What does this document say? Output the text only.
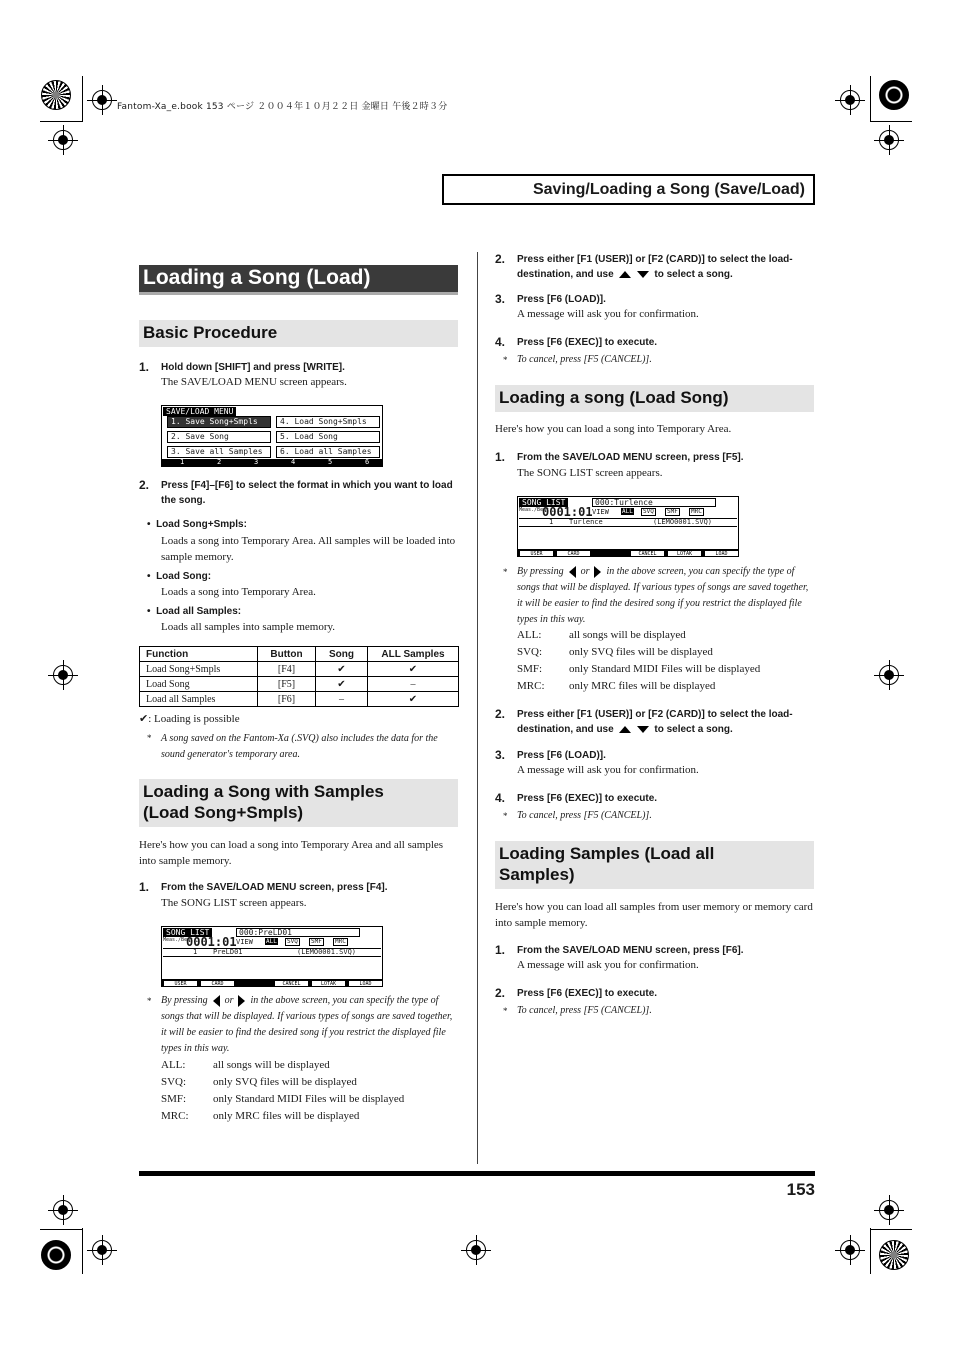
Fantom-Xa_e.book 153 ページ ２００４年１０月２２日 金曜日 午後２時３分
Saving/Loading a Song (Save/Load)
Loading a Song (Load)
Basic Procedure
1. Hold down [SHIFT] and press [WRITE].
The SAVE/LOAD MENU screen appears.
SAVE/LOAD MENU
1. Save Song+Smpls	4. Load Song+Smpls
2. Save Song	5. Load Song
3. Save all Samples	6. Load all Samples
1	2	3	4	5	6
2. Press [F4]–[F6] to select the format in which you want to load the song.
•  Load Song+Smpls:
Loads a song into Temporary Area. All samples will be loaded into sample memory.
•  Load Song:
Loads a song into Temporary Area.
•  Load all Samples:
Loads all samples into sample memory.
Function	Button	Song	ALL Samples
Load Song+Smpls	[F4]	✔	✔
Load Song	[F5]	✔	–
Load all Samples	[F6]	–	✔
✔: Loading is possible
* A song saved on the Fantom-Xa (.SVQ) also includes the data for the sound generator's temporary area.
Loading a Song with Samples
(Load Song+Smpls)
Here's how you can load a song into Temporary Area and all samples into sample memory.
1. From the SAVE/LOAD MENU screen, press [F4].
The SONG LIST screen appears.
SONG LIST	000:PreLD01
Meas./Beat
0001:01 VIEW ALL	SVQ	SMF	MRC
1 PreLD01	(LEMO0001.SVQ)
USER	CARD	CANCEL	LOTAK	LOAD
* By pressing or in the above screen, you can specify the type of songs that will be displayed. If various types of songs are saved together, it will be easier to find the desired song if you restrict the displayed file types in this way.
ALL:	all songs will be displayed
SVQ: only SVQ files will be displayed
SMF: only Standard MIDI Files will be displayed
MRC: only MRC files will be displayed
2. Press either [F1 (USER)] or [F2 (CARD)] to select the load-destination, and use	to select a song.
3. Press [F6 (LOAD)].
A message will ask you for confirmation.
4. Press [F6 (EXEC)] to execute.
* To cancel, press [F5 (CANCEL)].
Loading a song (Load Song)
Here's how you can load a song into Temporary Area.
1. From the SAVE/LOAD MENU screen, press [F5].
The SONG LIST screen appears.
SONG LIST	000:Turlence
Meas./Beat
0001:01 VIEW ALL	SVQ	SMF	MRC
1 Turlence	(LEMO0001.SVQ)
USER	CARD	CANCEL	LOTAK	LOAD
* By pressing or in the above screen, you can specify the type of songs that will be displayed. If various types of songs are saved together, it will be easier to find the desired song if you restrict the displayed file types in this way.
ALL:	all songs will be displayed
SVQ: only SVQ files will be displayed
SMF: only Standard MIDI Files will be displayed
MRC: only MRC files will be displayed
2. Press either [F1 (USER)] or [F2 (CARD)] to select the load-destination, and use	to select a song.
3. Press [F6 (LOAD)].
A message will ask you for confirmation.
4. Press [F6 (EXEC)] to execute.
* To cancel, press [F5 (CANCEL)].
Loading Samples (Load all
Samples)
Here's how you can load all samples from user memory or memory card into sample memory.
1. From the SAVE/LOAD MENU screen, press [F6].
A message will ask you for confirmation.
2. Press [F6 (EXEC)] to execute.
* To cancel, press [F5 (CANCEL)].
153
